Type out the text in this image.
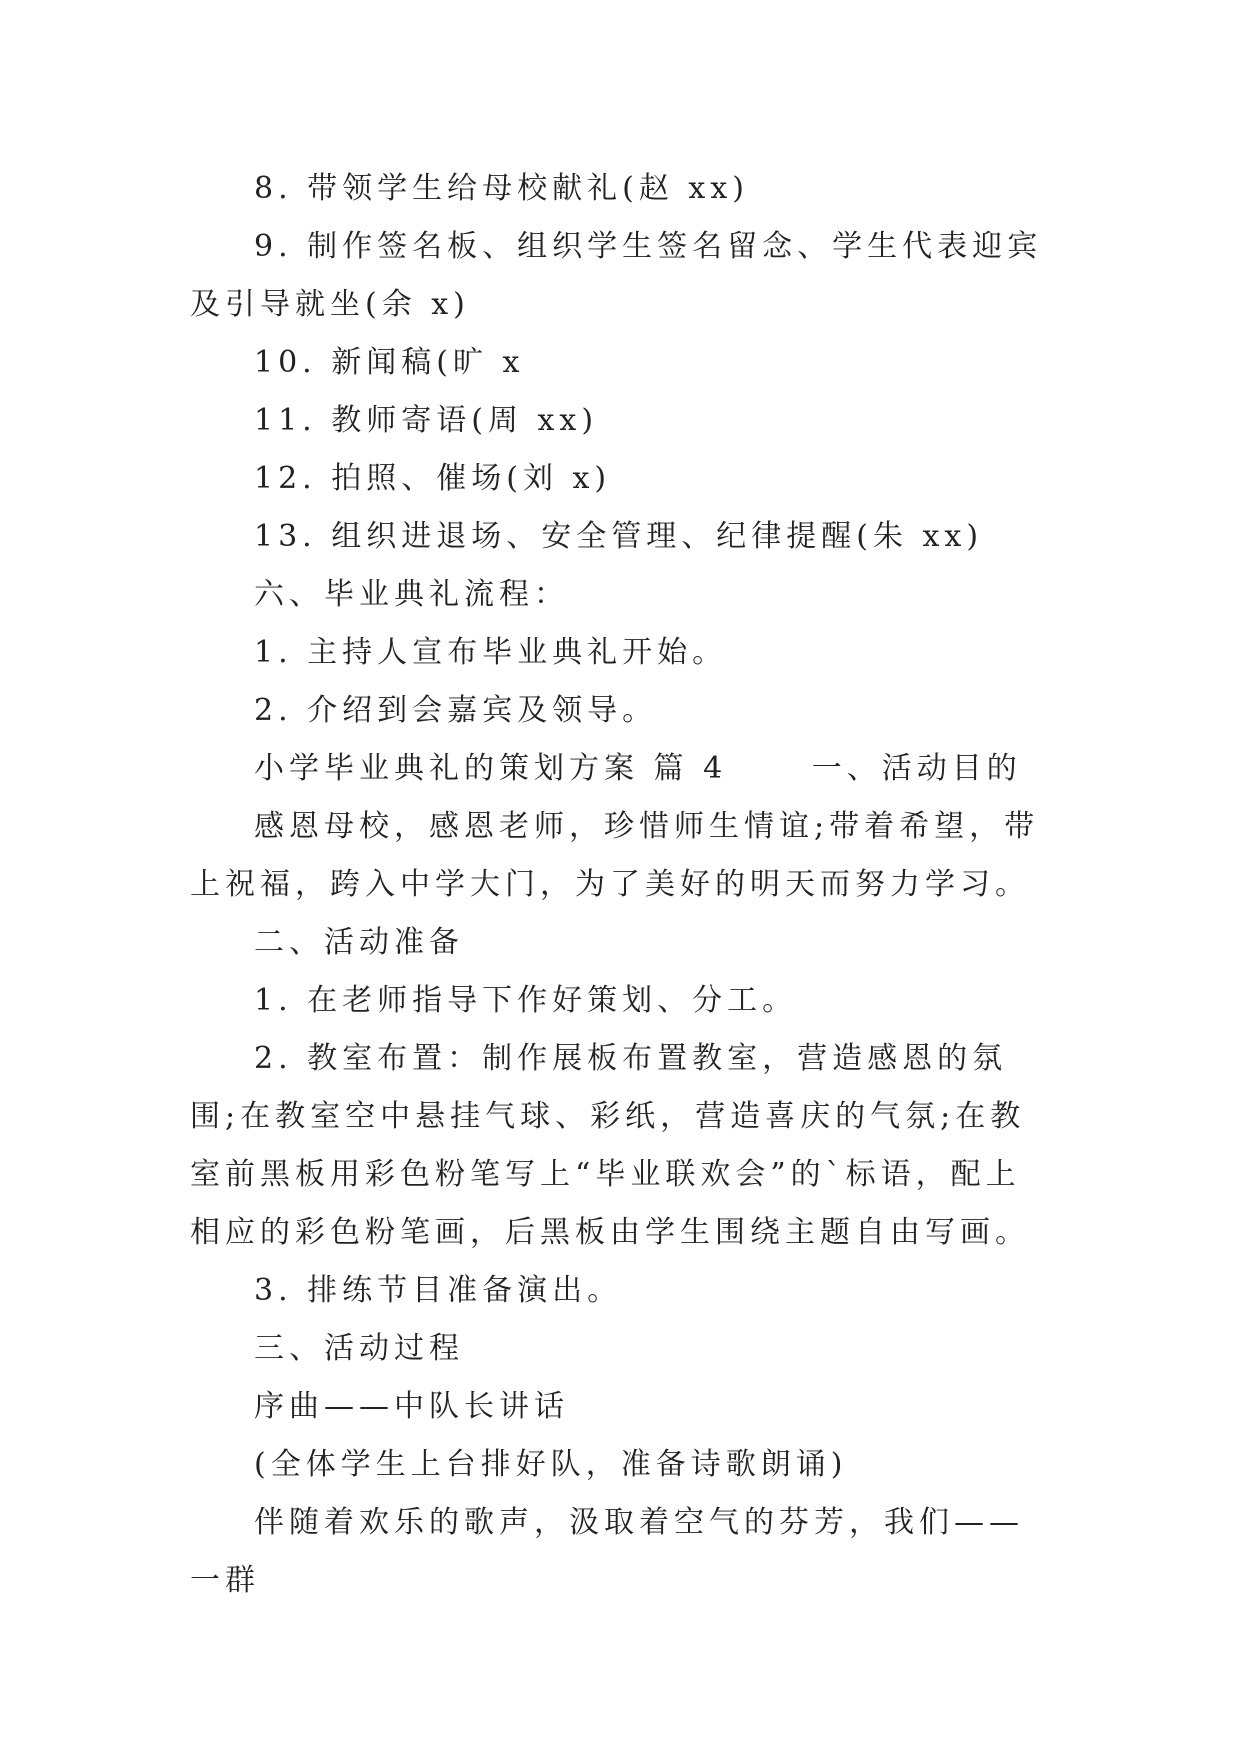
8. 带领学生给母校献礼(赵 xx)

9. 制作签名板、组织学生签名留念、学生代表迎宾及引导就坐(余 x)

10. 新闻稿(旷 x

11. 教师寄语(周 xx)

12. 拍照、催场(刘 x)

13. 组织进退场、安全管理、纪律提醒(朱 xx)

六、毕业典礼流程：

1. 主持人宣布毕业典礼开始。

2. 介绍到会嘉宾及领导。

小学毕业典礼的策划方案 篇 4　　 一、活动目的

感恩母校，感恩老师，珍惜师生情谊;带着希望，带上祝福，跨入中学大门，为了美好的明天而努力学习。

二、活动准备

1. 在老师指导下作好策划、分工。

2. 教室布置：制作展板布置教室，营造感恩的氛围;在教室空中悬挂气球、彩纸，营造喜庆的气氛;在教室前黑板用彩色粉笔写上“毕业联欢会”的`标语，配上相应的彩色粉笔画，后黑板由学生围绕主题自由写画。

3. 排练节目准备演出。

三、活动过程

序曲——中队长讲话

(全体学生上台排好队，准备诗歌朗诵)

伴随着欢乐的歌声，汲取着空气的芬芳，我们——一群
